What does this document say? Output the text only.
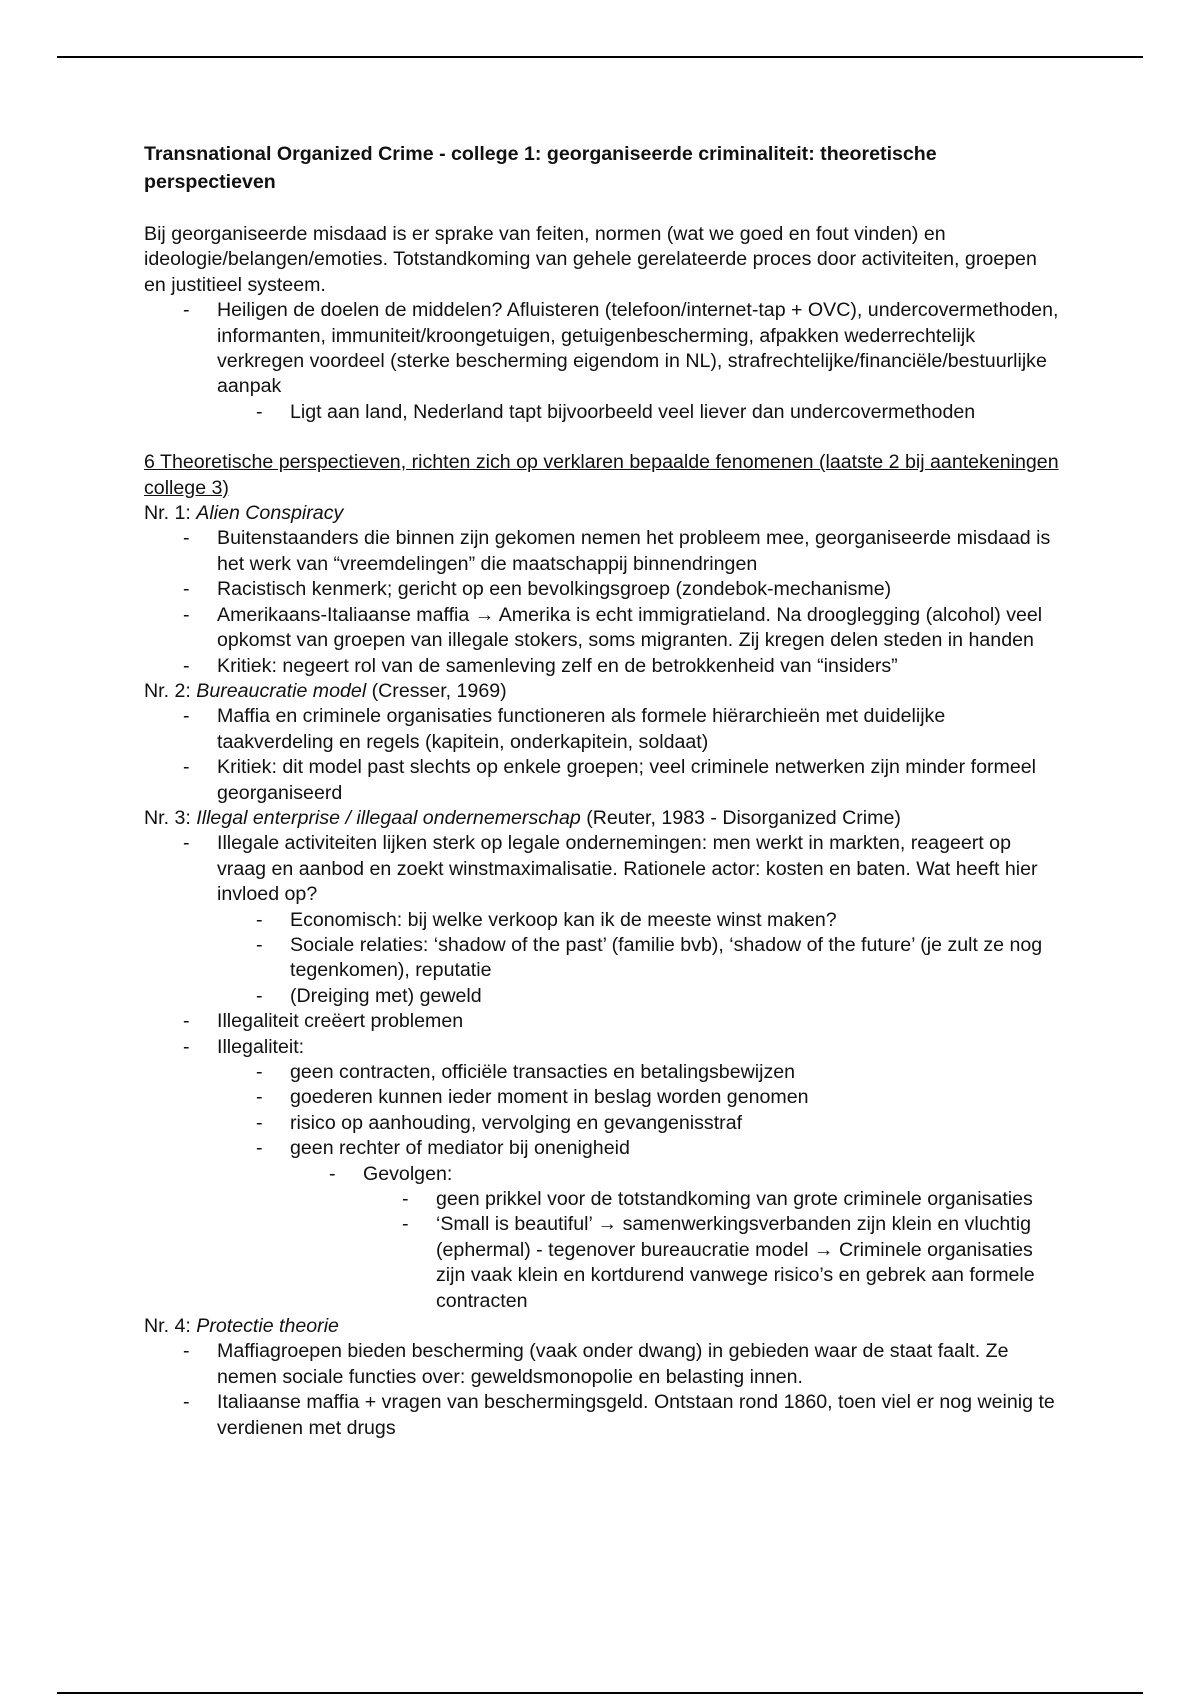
Transnational Organized Crime - college 1: georganiseerde criminaliteit: theoretische perspectieven

Bij georganiseerde misdaad is er sprake van feiten, normen (wat we goed en fout vinden) en ideologie/belangen/emoties. Totstandkoming van gehele gerelateerde proces door activiteiten, groepen en justitieel systeem.

- Heiligen de doelen de middelen? Afluisteren (telefoon/internet-tap + OVC), undercovermethoden, informanten, immuniteit/kroongetuigen, getuigenbescherming, afpakken wederrechtelijk verkregen voordeel (sterke bescherming eigendom in NL), strafrechtelijke/financiële/bestuurlijke aanpak
- Ligt aan land, Nederland tapt bijvoorbeeld veel liever dan undercovermethoden

6 Theoretische perspectieven, richten zich op verklaren bepaalde fenomenen (laatste 2 bij aantekeningen college 3)

Nr. 1: Alien Conspiracy

- Buitenstaanders die binnen zijn gekomen nemen het probleem mee, georganiseerde misdaad is het werk van “vreemdelingen” die maatschappij binnendringen
- Racistisch kenmerk; gericht op een bevolkingsgroep (zondebok-mechanisme)
- Amerikaans-Italiaanse maffia → Amerika is echt immigratieland. Na drooglegging (alcohol) veel opkomst van groepen van illegale stokers, soms migranten. Zij kregen delen steden in handen
- Kritiek: negeert rol van de samenleving zelf en de betrokkenheid van “insiders”

Nr. 2: Bureaucratie model (Cresser, 1969)

- Maffia en criminele organisaties functioneren als formele hiërarchieën met duidelijke taakverdeling en regels (kapitein, onderkapitein, soldaat)
- Kritiek: dit model past slechts op enkele groepen; veel criminele netwerken zijn minder formeel georganiseerd

Nr. 3: Illegal enterprise / illegaal ondernemerschap (Reuter, 1983 - Disorganized Crime)

- Illegale activiteiten lijken sterk op legale ondernemingen: men werkt in markten, reageert op vraag en aanbod en zoekt winstmaximalisatie. Rationele actor: kosten en baten. Wat heeft hier invloed op?
- Economisch: bij welke verkoop kan ik de meeste winst maken?
- Sociale relaties: ‘shadow of the past’ (familie bvb), ‘shadow of the future’ (je zult ze nog tegenkomen), reputatie
- (Dreiging met) geweld
- Illegaliteit creëert problemen
- Illegaliteit:
- geen contracten, officiële transacties en betalingsbewijzen
- goederen kunnen ieder moment in beslag worden genomen
- risico op aanhouding, vervolging en gevangenisstraf
- geen rechter of mediator bij onenigheid
- Gevolgen:
- geen prikkel voor de totstandkoming van grote criminele organisaties
- ‘Small is beautiful’ → samenwerkingsverbanden zijn klein en vluchtig (ephermal) - tegenover bureaucratie model → Criminele organisaties zijn vaak klein en kortdurend vanwege risico’s en gebrek aan formele contracten

Nr. 4: Protectie theorie

- Maffiagroepen bieden bescherming (vaak onder dwang) in gebieden waar de staat faalt. Ze nemen sociale functies over: geweldsmonopolie en belasting innen.
- Italiaanse maffia + vragen van beschermingsgeld. Ontstaan rond 1860, toen viel er nog weinig te verdienen met drugs
